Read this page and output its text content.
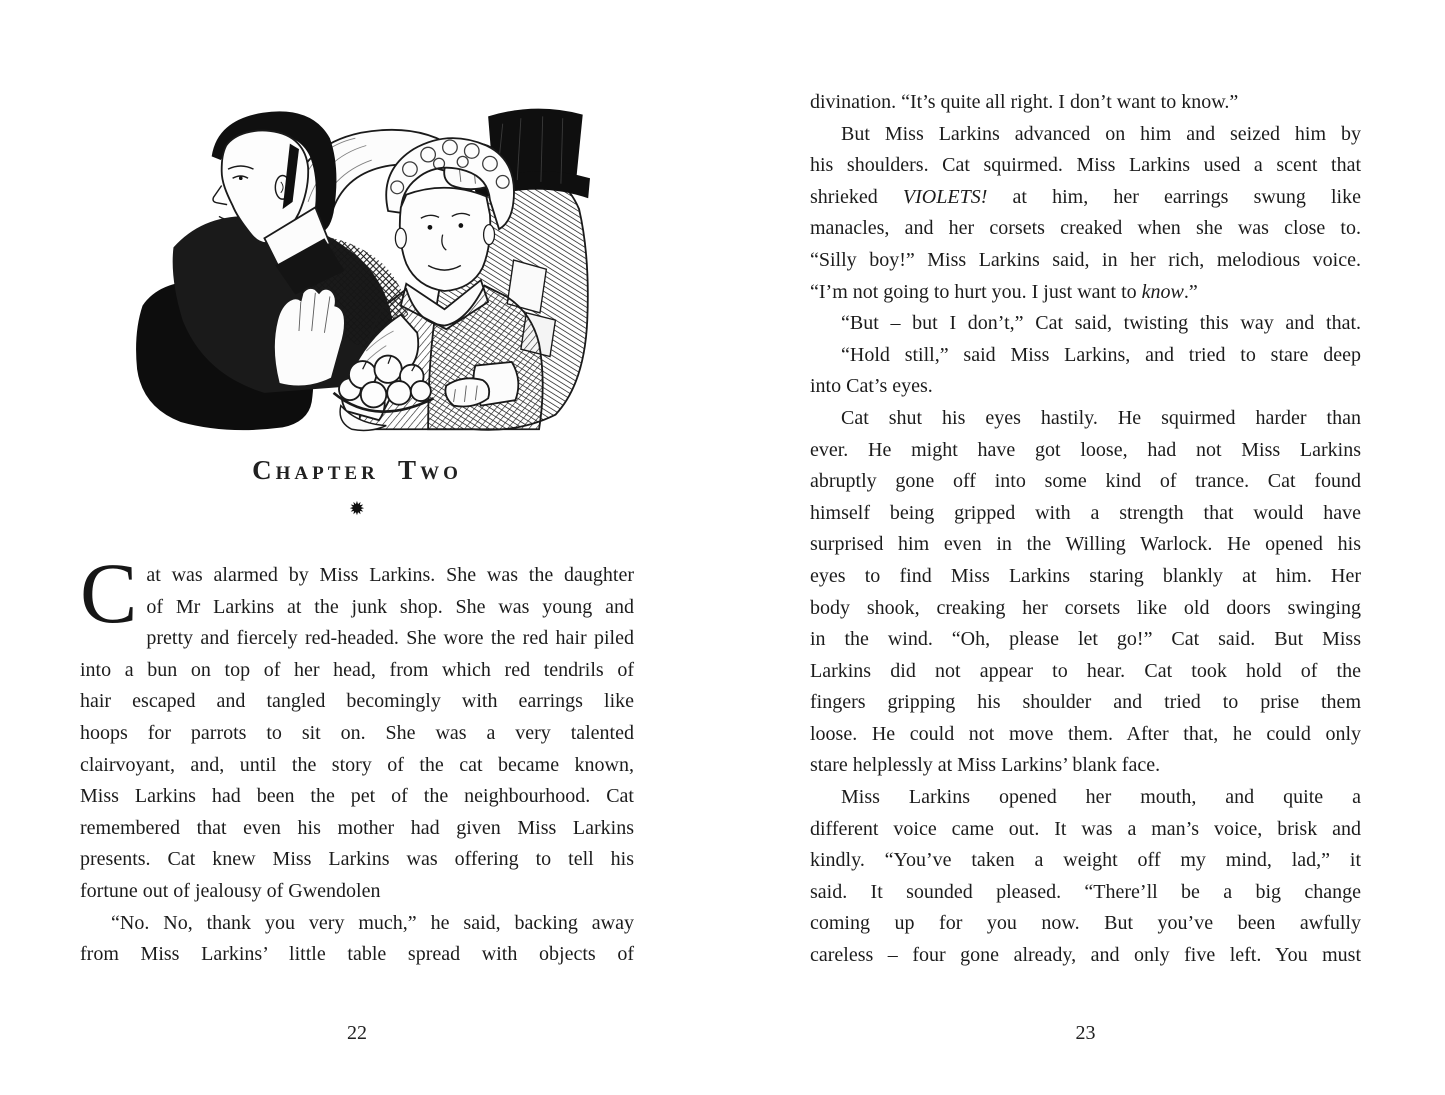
Chapter Two
✹
C at was alarmed by Miss Larkins. She was the daughter
of Mr Larkins at the junk shop. She was young and
pretty and fiercely red-headed. She wore the red hair piled
into a bun on top of her head, from which red tendrils of
hair escaped and tangled becomingly with earrings like
hoops for parrots to sit on. She was a very talented
clairvoyant, and, until the story of the cat became known,
Miss Larkins had been the pet of the neighbourhood. Cat
remembered that even his mother had given Miss Larkins
presents. Cat knew Miss Larkins was offering to tell his
fortune out of jealousy of Gwendolen
“No. No, thank you very much,” he said, backing away
from Miss Larkins’ little table spread with objects of
22
divination. “It’s quite all right. I don’t want to know.”
But Miss Larkins advanced on him and seized him by
his shoulders. Cat squirmed. Miss Larkins used a scent that
shrieked VIOLETS! at him, her earrings swung like
manacles, and her corsets creaked when she was close to.
“Silly boy!” Miss Larkins said, in her rich, melodious voice.
“I’m not going to hurt you. I just want to know.”
“But – but I don’t,” Cat said, twisting this way and that.
“Hold still,” said Miss Larkins, and tried to stare deep
into Cat’s eyes.
Cat shut his eyes hastily. He squirmed harder than
ever. He might have got loose, had not Miss Larkins
abruptly gone off into some kind of trance. Cat found
himself being gripped with a strength that would have
surprised him even in the Willing Warlock. He opened his
eyes to find Miss Larkins staring blankly at him. Her
body shook, creaking her corsets like old doors swinging
in the wind. “Oh, please let go!” Cat said. But Miss
Larkins did not appear to hear. Cat took hold of the
fingers gripping his shoulder and tried to prise them
loose. He could not move them. After that, he could only
stare helplessly at Miss Larkins’ blank face.
Miss Larkins opened her mouth, and quite a
different voice came out. It was a man’s voice, brisk and
kindly. “You’ve taken a weight off my mind, lad,” it
said. It sounded pleased. “There’ll be a big change
coming up for you now. But you’ve been awfully
careless – four gone already, and only five left. You must
23
